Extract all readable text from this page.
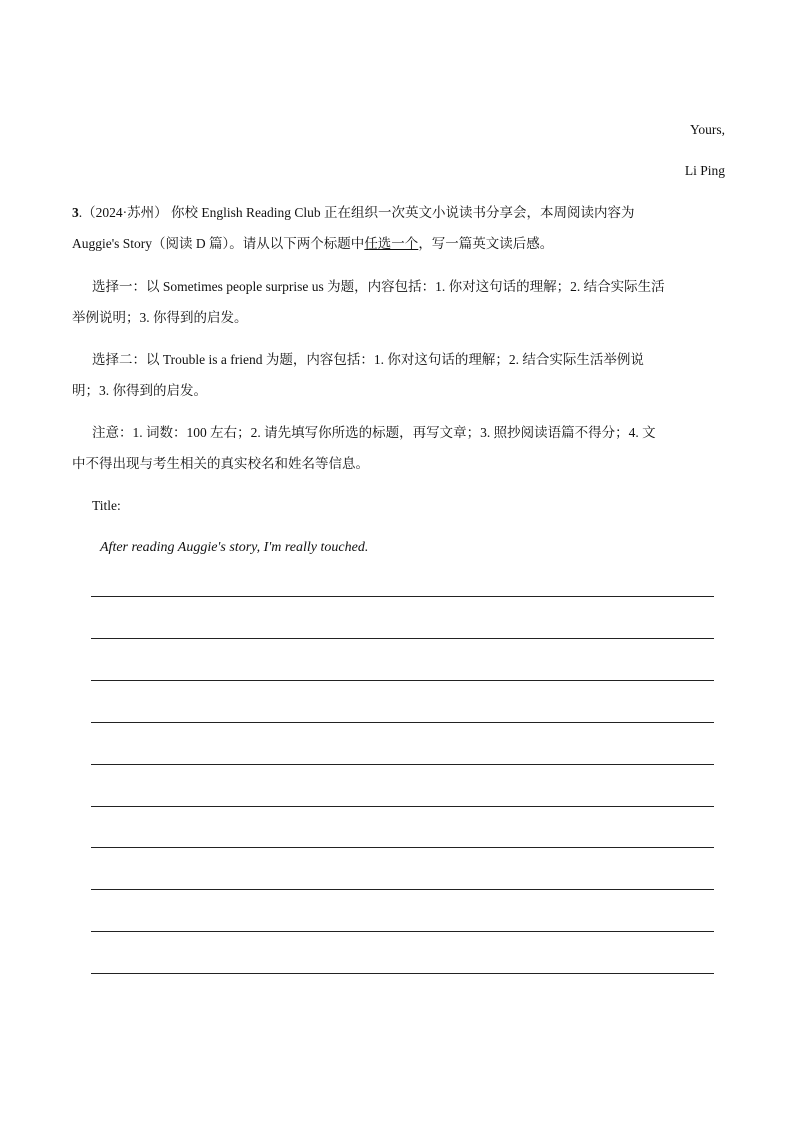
Yours,
Li Ping
3.（2024·苏州） 你校 English Reading Club 正在组织一次英文小说读书分享会，本周阅读内容为
Auggie's Story（阅读 D 篇）。请从以下两个标题中任选一个，写一篇英文读后感。
选择一：以 Sometimes people surprise us 为题，内容包括：1. 你对这句话的理解；2. 结合实际生活
举例说明；3. 你得到的启发。
选择二：以 Trouble is a friend 为题，内容包括：1. 你对这句话的理解；2. 结合实际生活举例说
明；3. 你得到的启发。
注意：1. 词数：100 左右；2. 请先填写你所选的标题，再写文章；3. 照抄阅读语篇不得分；4. 文
中不得出现与考生相关的真实校名和姓名等信息。
Title:
After reading Auggie's story, I'm really touched.
